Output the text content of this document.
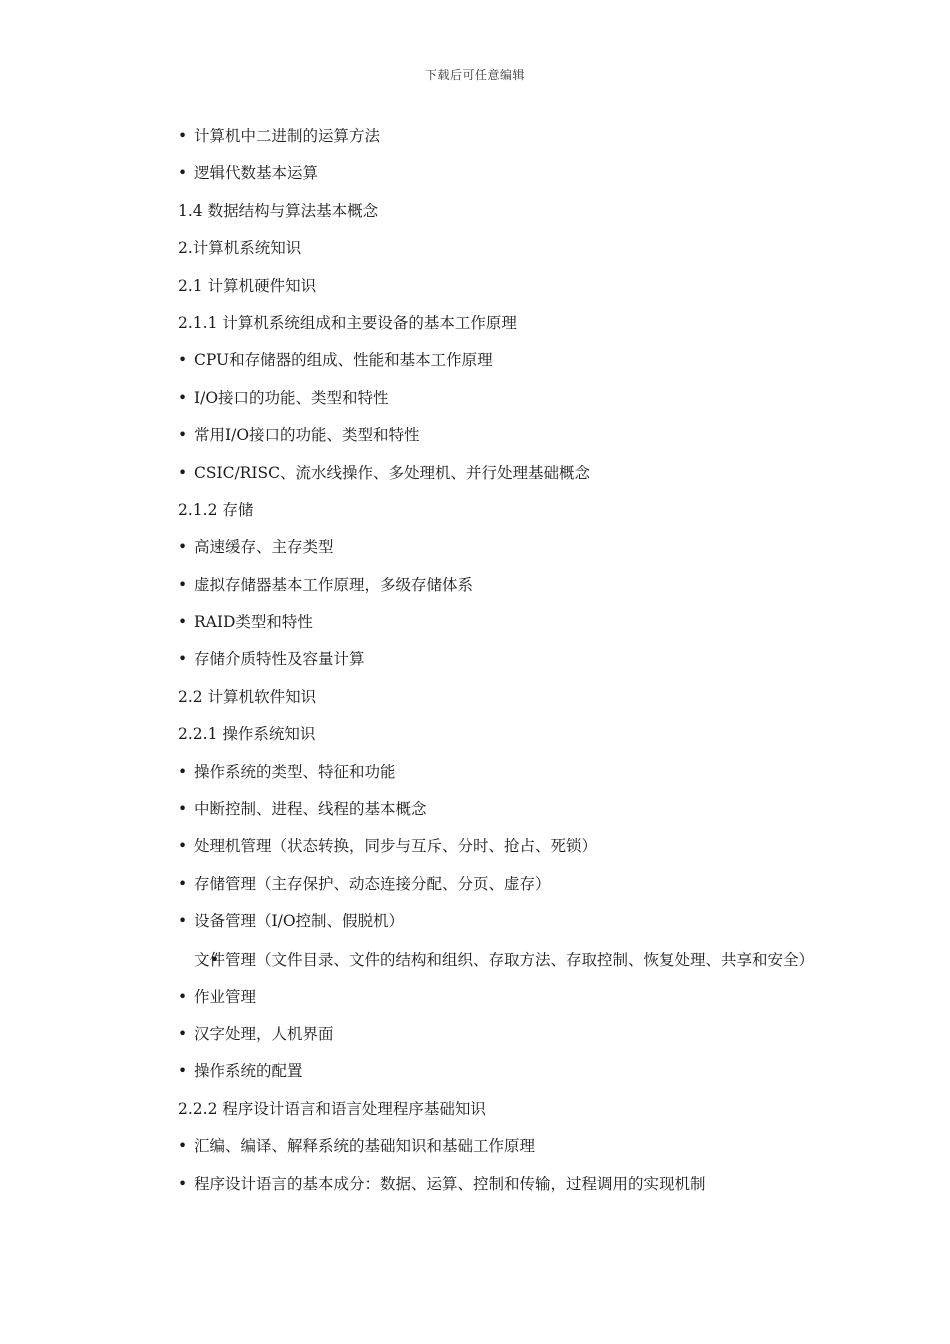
下载后可任意编辑

• 计算机中二进制的运算方法

• 逻辑代数基本运算

1.4 数据结构与算法基本概念

2.计算机系统知识

2.1 计算机硬件知识

2.1.1 计算机系统组成和主要设备的基本工作原理

• CPU和存储器的组成、性能和基本工作原理

• I/O接口的功能、类型和特性

• 常用I/O接口的功能、类型和特性

• CSIC/RISC、流水线操作、多处理机、并行处理基础概念

2.1.2 存储

• 高速缓存、主存类型

• 虚拟存储器基本工作原理，多级存储体系

• RAID类型和特性

• 存储介质特性及容量计算

2.2 计算机软件知识

2.2.1 操作系统知识

• 操作系统的类型、特征和功能

• 中断控制、进程、线程的基本概念

• 处理机管理（状态转换，同步与互斥、分时、抢占、死锁）

• 存储管理（主存保护、动态连接分配、分页、虚存）

• 设备管理（I/O控制、假脱机）

• 文件管理（文件目录、文件的结构和组织、存取方法、存取控制、恢复处理、共享和安全）

• 作业管理

• 汉字处理，人机界面

• 操作系统的配置

2.2.2 程序设计语言和语言处理程序基础知识

• 汇编、编译、解释系统的基础知识和基础工作原理

• 程序设计语言的基本成分：数据、运算、控制和传输，过程调用的实现机制
